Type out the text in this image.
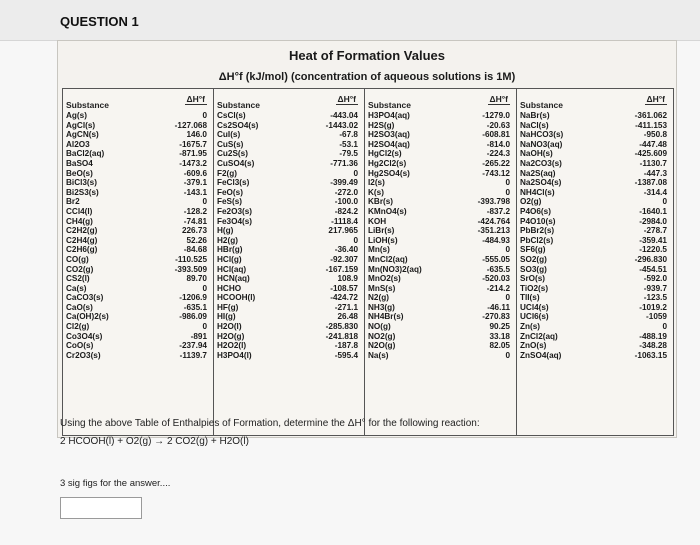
QUESTION 1
Heat of Formation Values
ΔH°f (kJ/mol) (concentration of aqueous solutions is 1M)
Substance
ΔH°f
Ag(s)	0
AgCl(s)	-127.068
AgCN(s)	146.0
Al2O3	-1675.7
BaCl2(aq)	-871.95
BaSO4	-1473.2
BeO(s)	-609.6
BiCl3(s)	-379.1
Bi2S3(s)	-143.1
Br2	0
CCl4(l)	-128.2
CH4(g)	-74.81
C2H2(g)	226.73
C2H4(g)	52.26
C2H6(g)	-84.68
CO(g)	-110.525
CO2(g)	-393.509
CS2(l)	89.70
Ca(s)	0
CaCO3(s)	-1206.9
CaO(s)	-635.1
Ca(OH)2(s)	-986.09
Cl2(g)	0
Co3O4(s)	-891
CoO(s)	-237.94
Cr2O3(s)	-1139.7
Substance
ΔH°f
CsCl(s)	-443.04
Cs2SO4(s)	-1443.02
CuI(s)	-67.8
CuS(s)	-53.1
Cu2S(s)	-79.5
CuSO4(s)	-771.36
F2(g)	0
FeCl3(s)	-399.49
FeO(s)	-272.0
FeS(s)	-100.0
Fe2O3(s)	-824.2
Fe3O4(s)	-1118.4
H(g)	217.965
H2(g)	0
HBr(g)	-36.40
HCl(g)	-92.307
HCl(aq)	-167.159
HCN(aq)	108.9
HCHO	-108.57
HCOOH(l)	-424.72
HF(g)	-271.1
HI(g)	26.48
H2O(l)	-285.830
H2O(g)	-241.818
H2O2(l)	-187.8
H3PO4(l)	-595.4
Substance
ΔH°f
H3PO4(aq)	-1279.0
H2S(g)	-20.63
H2SO3(aq)	-608.81
H2SO4(aq)	-814.0
HgCl2(s)	-224.3
Hg2Cl2(s)	-265.22
Hg2SO4(s)	-743.12
I2(s)	0
K(s)	0
KBr(s)	-393.798
KMnO4(s)	-837.2
KOH	-424.764
LiBr(s)	-351.213
LiOH(s)	-484.93
Mn(s)	0
MnCl2(aq)	-555.05
Mn(NO3)2(aq)	-635.5
MnO2(s)	-520.03
MnS(s)	-214.2
N2(g)	0
NH3(g)	-46.11
NH4Br(s)	-270.83
NO(g)	90.25
NO2(g)	33.18
N2O(g)	82.05
Na(s)	0
Substance
ΔH°f
NaBr(s)	-361.062
NaCl(s)	-411.153
NaHCO3(s)	-950.8
NaNO3(aq)	-447.48
NaOH(s)	-425.609
Na2CO3(s)	-1130.7
Na2S(aq)	-447.3
Na2SO4(s)	-1387.08
NH4Cl(s)	-314.4
O2(g)	0
P4O6(s)	-1640.1
P4O10(s)	-2984.0
PbBr2(s)	-278.7
PbCl2(s)	-359.41
SF6(g)	-1220.5
SO2(g)	-296.830
SO3(g)	-454.51
SrO(s)	-592.0
TiO2(s)	-939.7
TlI(s)	-123.5
UCl4(s)	-1019.2
UCl6(s)	-1059
Zn(s)	0
ZnCl2(aq)	-488.19
ZnO(s)	-348.28
ZnSO4(aq)	-1063.15
Using the above Table of Enthalpies of Formation, determine the ΔH° for the following reaction:
2 HCOOH(l) + O2(g) → 2 CO2(g) + H2O(l)
3 sig figs for the answer....
